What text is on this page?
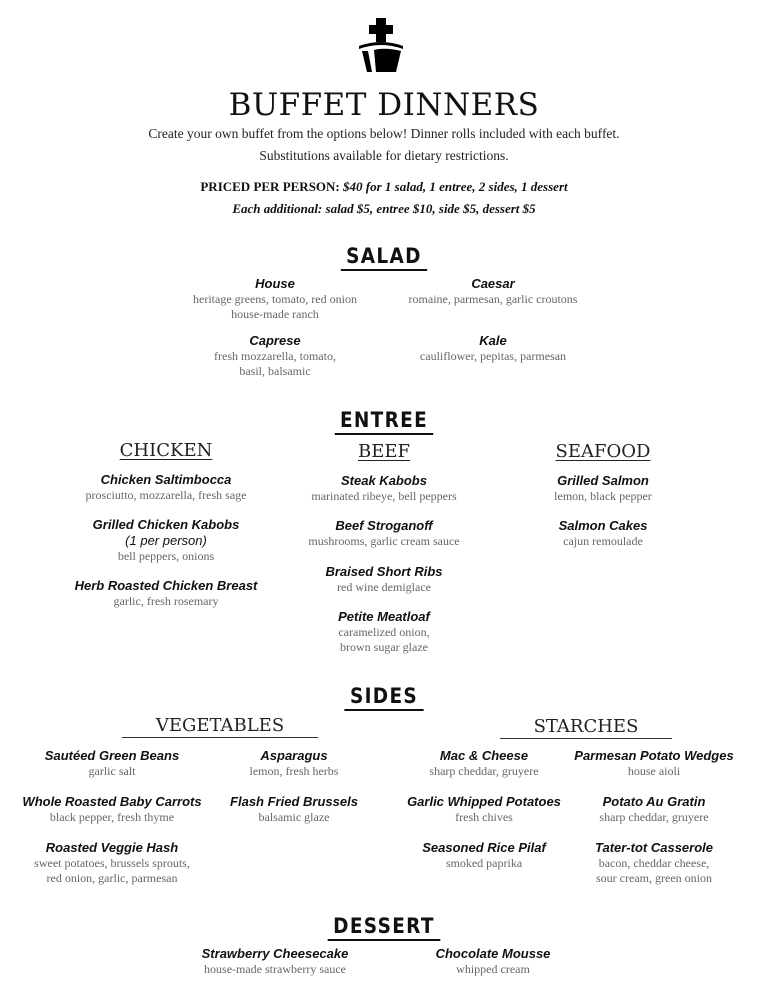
BUFFET DINNERS
Create your own buffet from the options below! Dinner rolls included with each buffet.
Substitutions available for dietary restrictions.
PRICED PER PERSON: $40 for 1 salad, 1 entree, 2 sides, 1 dessert
Each additional: salad $5, entree $10, side $5, dessert $5
SALAD
House
heritage greens, tomato, red onion
house-made ranch
Caesar
romaine, parmesan, garlic croutons
Caprese
fresh mozzarella, tomato,
basil, balsamic
Kale
cauliflower, pepitas, parmesan
ENTREE
CHICKEN	BEEF	SEAFOOD
Chicken Saltimbocca
prosciutto, mozzarella, fresh sage
Grilled Chicken Kabobs
(1 per person)
bell peppers, onions
Herb Roasted Chicken Breast
garlic, fresh rosemary
Steak Kabobs
marinated ribeye, bell peppers
Beef Stroganoff
mushrooms, garlic cream sauce
Braised Short Ribs
red wine demiglace
Petite Meatloaf
caramelized onion,
brown sugar glaze
Grilled Salmon
lemon, black pepper
Salmon Cakes
cajun remoulade
SIDES
VEGETABLES	STARCHES
Sautéed Green Beans
garlic salt
Asparagus
lemon, fresh herbs
Whole Roasted Baby Carrots
black pepper, fresh thyme
Flash Fried Brussels
balsamic glaze
Roasted Veggie Hash
sweet potatoes, brussels sprouts,
red onion, garlic, parmesan
Mac & Cheese
sharp cheddar, gruyere
Parmesan Potato Wedges
house aioli
Garlic Whipped Potatoes
fresh chives
Potato Au Gratin
sharp cheddar, gruyere
Seasoned Rice Pilaf
smoked paprika
Tater-tot Casserole
bacon, cheddar cheese,
sour cream, green onion
DESSERT
Strawberry Cheesecake
house-made strawberry sauce
Chocolate Mousse
whipped cream
